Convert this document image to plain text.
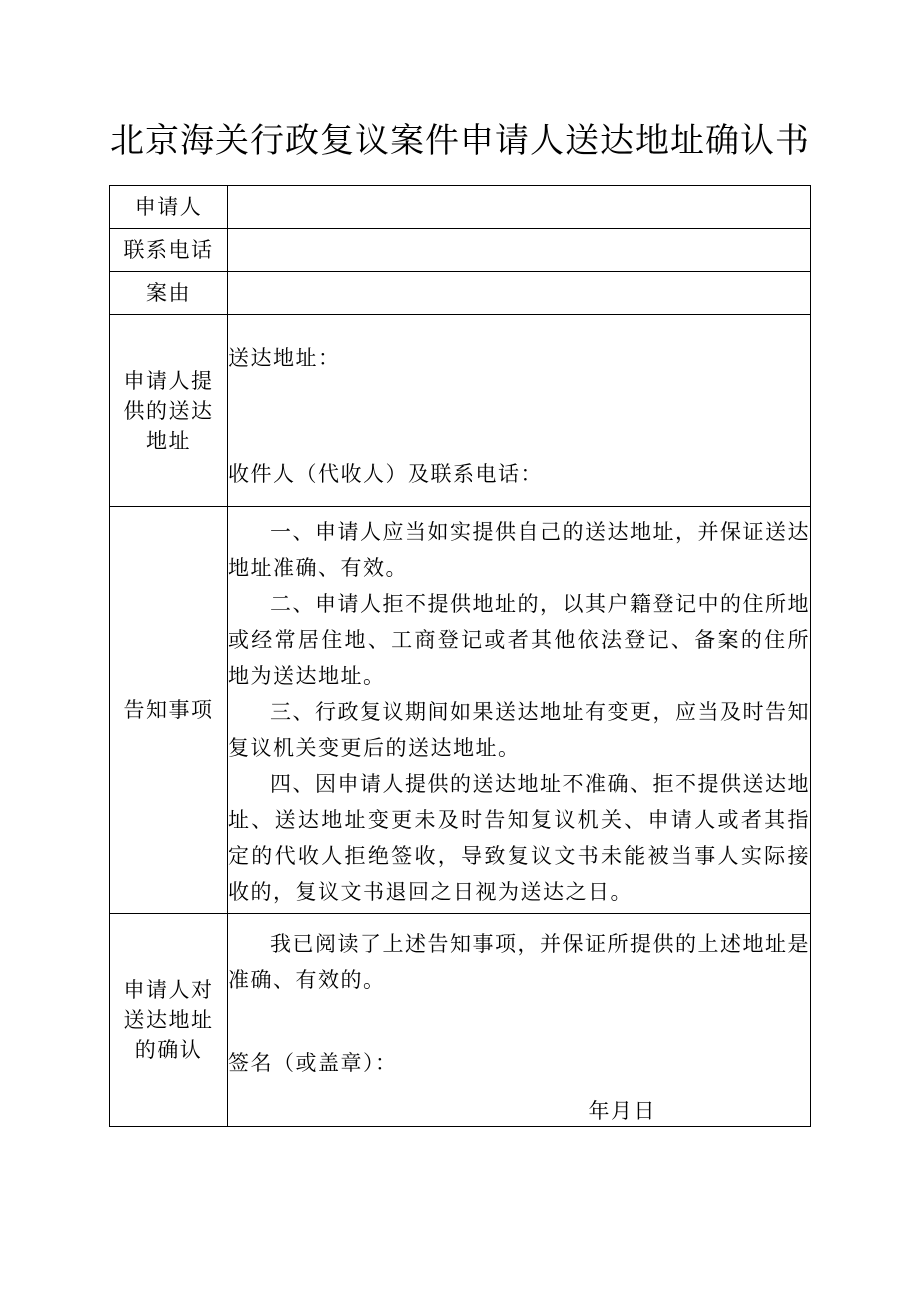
北京海关行政复议案件申请人送达地址确认书
申请人	
联系电话	
案由	
申请人提供的送达地址	送达地址：
收件人（代收人）及联系电话：

告知事项	一、申请人应当如实提供自己的送达地址，并保证送达地址准确、有效。

二、申请人拒不提供地址的，以其户籍登记中的住所地或经常居住地、工商登记或者其他依法登记、备案的住所地为送达地址。

三、行政复议期间如果送达地址有变更，应当及时告知复议机关变更后的送达地址。

四、因申请人提供的送达地址不准确、拒不提供送达地址、送达地址变更未及时告知复议机关、申请人或者其指定的代收人拒绝签收，导致复议文书未能被当事人实际接收的，复议文书退回之日视为送达之日。

申请人对送达地址的确认	我已阅读了上述告知事项，并保证所提供的上述地址是准确、有效的。
签名（或盖章）：
年月日
